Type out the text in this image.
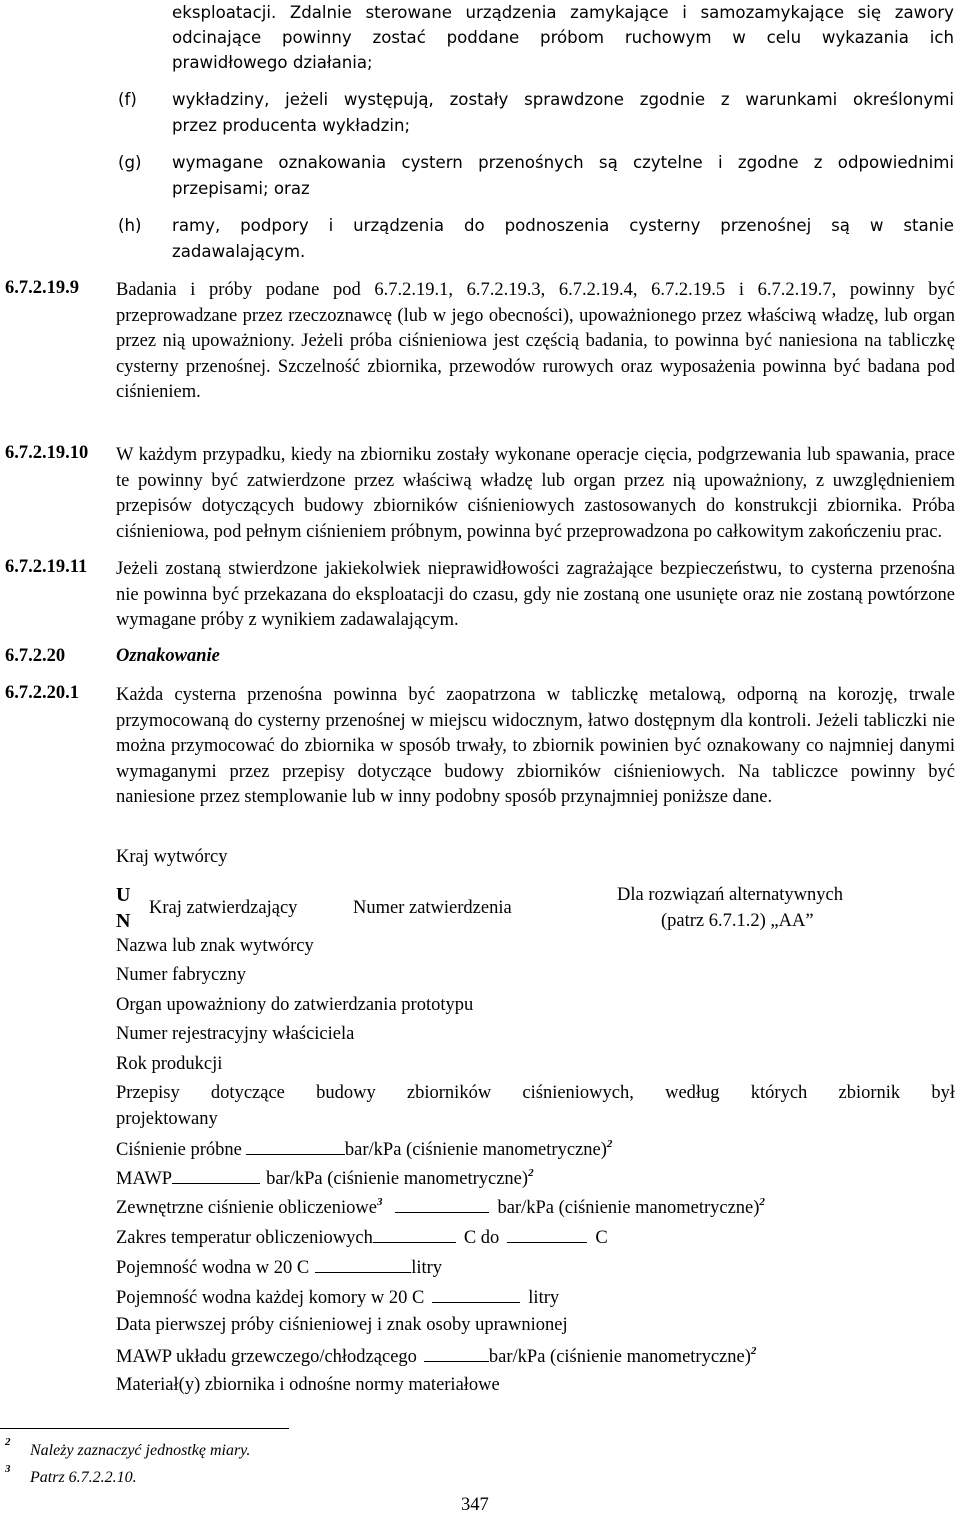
eksploatacji. Zdalnie sterowane urządzenia zamykające i samozamykające się zawory
odcinające powinny zostać poddane próbom ruchowym w celu wykazania ich
prawidłowego działania;
(f) wykładziny, jeżeli występują, zostały sprawdzone zgodnie z warunkami określonymi
przez producenta wykładzin;
(g) wymagane oznakowania cystern przenośnych są czytelne i zgodne z odpowiednimi
przepisami; oraz
(h) ramy, podpory i urządzenia do podnoszenia cysterny przenośnej są w stanie
zadawalającym.
6.7.2.19.9 Badania i próby podane pod 6.7.2.19.1, 6.7.2.19.3, 6.7.2.19.4, 6.7.2.19.5 i 6.7.2.19.7, powinny być przeprowadzane przez rzeczoznawcę (lub w jego obecności), upoważnionego przez właściwą władzę, lub organ przez nią upoważniony. Jeżeli próba ciśnieniowa jest częścią badania, to powinna być naniesiona na tabliczkę cysterny przenośnej. Szczelność zbiornika, przewodów rurowych oraz wyposażenia powinna być badana pod ciśnieniem.
6.7.2.19.10 W każdym przypadku, kiedy na zbiorniku zostały wykonane operacje cięcia, podgrzewania lub spawania, prace te powinny być zatwierdzone przez właściwą władzę lub organ przez nią upoważniony, z uwzględnieniem przepisów dotyczących budowy zbiorników ciśnieniowych zastosowanych do konstrukcji zbiornika. Próba ciśnieniowa, pod pełnym ciśnieniem próbnym, powinna być przeprowadzona po całkowitym zakończeniu prac.
6.7.2.19.11 Jeżeli zostaną stwierdzone jakiekolwiek nieprawidłowości zagrażające bezpieczeństwu, to cysterna przenośna nie powinna być przekazana do eksploatacji do czasu, gdy nie zostaną one usunięte oraz nie zostaną powtórzone wymagane próby z wynikiem zadawalającym.
6.7.2.20	Oznakowanie
6.7.2.20.1 Każda cysterna przenośna powinna być zaopatrzona w tabliczkę metalową, odporną na korozję, trwale przymocowaną do cysterny przenośnej w miejscu widocznym, łatwo dostępnym dla kontroli. Jeżeli tabliczki nie można przymocować do zbiornika w sposób trwały, to zbiornik powinien być oznakowany co najmniej danymi wymaganymi przez przepisy dotyczące budowy zbiorników ciśnieniowych. Na tabliczce powinny być naniesione przez stemplowanie lub w inny podobny sposób przynajmniej poniższe dane.
Kraj wytwórcy
U
N
Kraj zatwierdzający	Numer zatwierdzenia
Dla rozwiązań alternatywnych
(patrz 6.7.1.2) „AA”
Nazwa lub znak wytwórcy
Numer fabryczny
Organ upoważniony do zatwierdzania prototypu
Numer rejestracyjny właściciela
Rok produkcji
Przepisy dotyczące budowy zbiorników ciśnieniowych, według których zbiornik był
projektowany
Ciśnienie próbne	bar/kPa (ciśnienie manometryczne)$^2$
MAWP	bar/kPa (ciśnienie manometryczne)$^2$
Zewnętrzne ciśnienie obliczeniowe$^3$	bar/kPa (ciśnienie manometryczne)$^2$
Zakres temperatur obliczeniowych	C do	C
Pojemność wodna w 20 C	litry
Pojemność wodna każdej komory w 20 C	litry
Data pierwszej próby ciśnieniowej i znak osoby uprawnionej
MAWP układu grzewczego/chłodzącego	bar/kPa (ciśnienie manometryczne)$^2$
Materiał(y) zbiornika i odnośne normy materiałowe
2 Należy zaznaczyć jednostkę miary.
3 Patrz 6.7.2.2.10.
347
